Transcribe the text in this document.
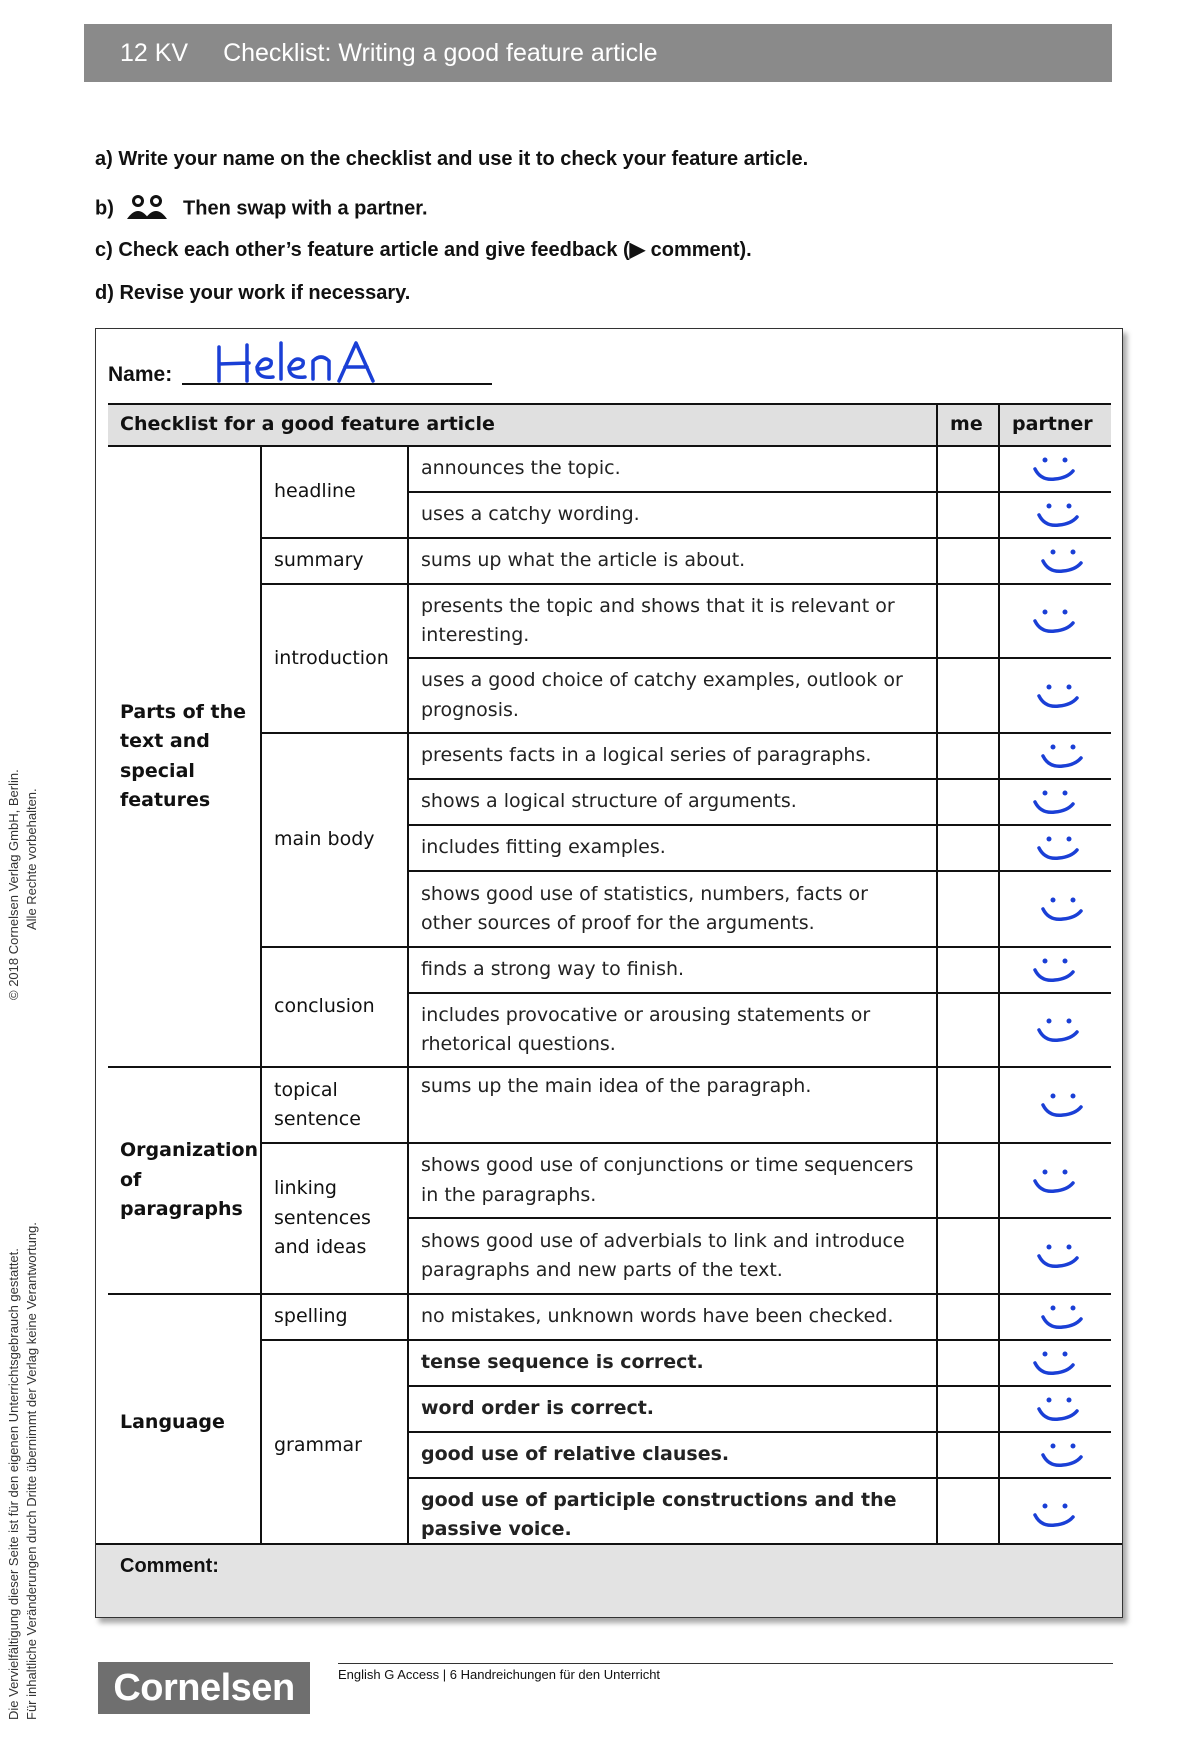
12 KV Checklist: Writing a good feature article
a) Write your name on the checklist and use it to check your feature article.
b)	Then swap with a partner.
c) Check each other’s feature article and give feedback (▶ comment).
d) Revise your work if necessary.
Name:
Checklist for a good feature article			me	partner
Parts of the text and special features	headline	announces the topic.		

		uses a catchy wording.		

	summary	sums up what the article is about.		

	introduction	presents the topic and shows that it is relevant or interesting.		

		uses a good choice of catchy examples, outlook or prognosis.		

	main body	presents facts in a logical series of paragraphs.		

		shows a logical structure of arguments.		

		includes fitting examples.		

		shows good use of statistics, numbers, facts or other sources of proof for the arguments.		

	conclusion	finds a strong way to finish.		

		includes provocative or arousing statements or rhetorical questions.		

Organization of paragraphs	topical sentence	sums up the main idea of the paragraph.		

	linking sentences and ideas	shows good use of conjunctions or time sequencers in the paragraphs.		

		shows good use of adverbials to link and introduce paragraphs and new parts of the text.		

Language	spelling	no mistakes, unknown words have been checked.		

	grammar	tense sequence is correct.		

		word order is correct.		

		good use of relative clauses.		

		good use of participle constructions and the passive voice.		
Comment:
© 2018 Cornelsen Verlag GmbH, Berlin. Alle Rechte vorbehalten.
Die Vervielfältigung dieser Seite ist für den eigenen Unterrichtsgebrauch gestattet. Für inhaltliche Veränderungen durch Dritte übernimmt der Verlag keine Verantwortung.	English G Access | 6 Handreichungen für den Unterricht
Cornelsen
